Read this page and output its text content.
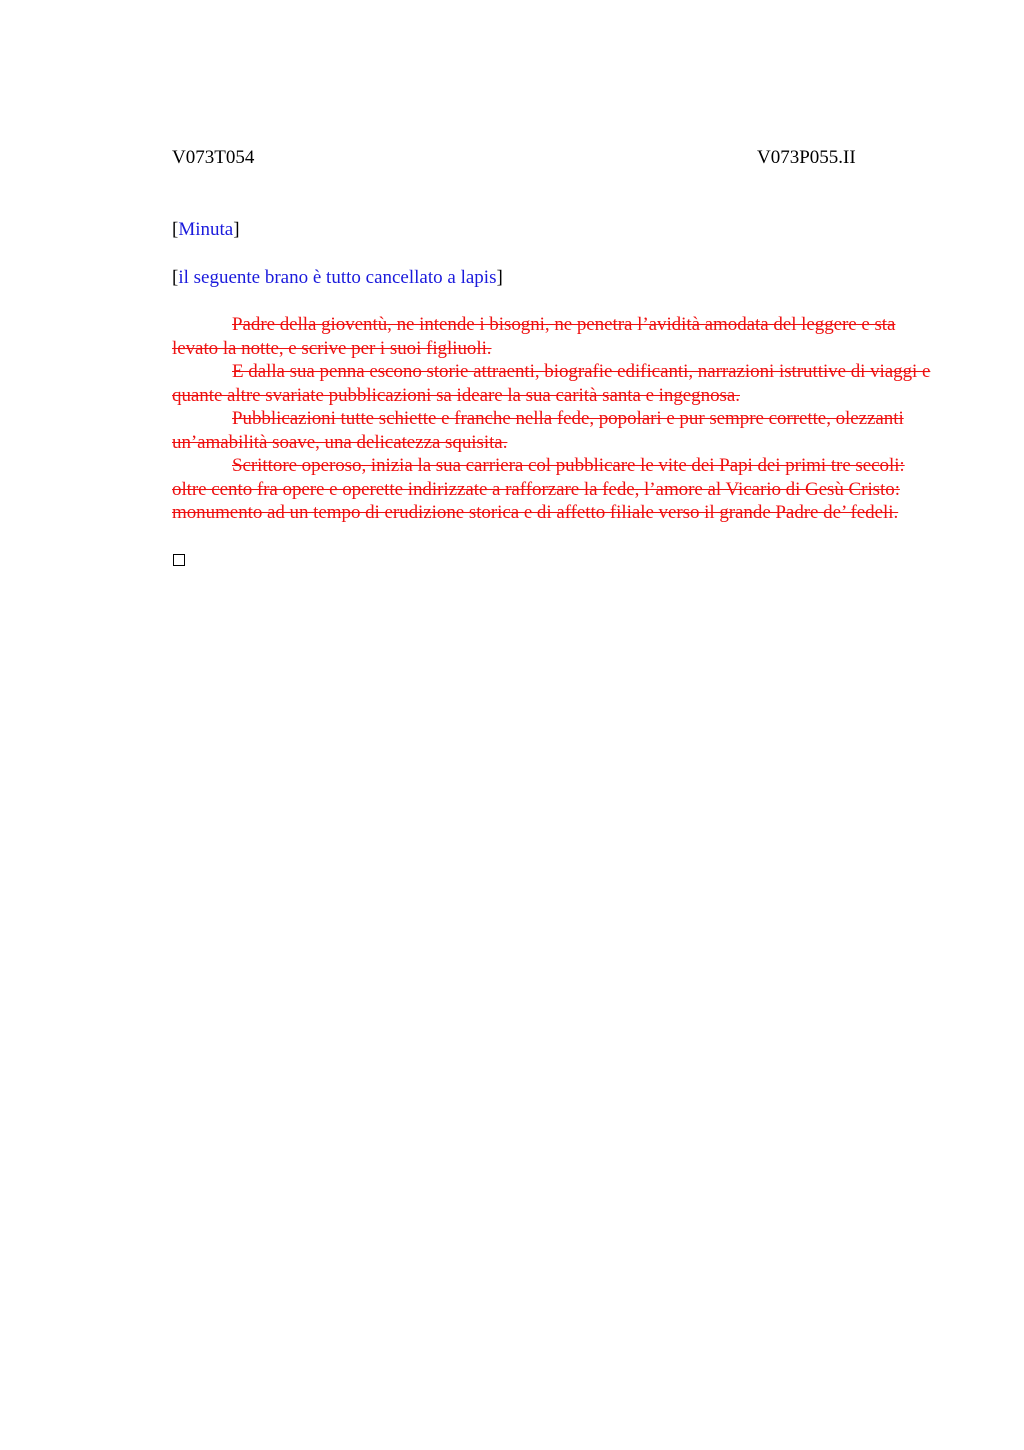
V073T054	V073P055.II
[Minuta]
[il seguente brano è tutto cancellato a lapis]

Padre della gioventù, ne intende i bisogni, ne penetra l’avidità amodata del leggere e sta levato la notte, e scrive per i suoi figliuoli.

E dalla sua penna escono storie attraenti, biografie edificanti, narrazioni istruttive di viaggi e quante altre svariate pubblicazioni sa ideare la sua carità santa e ingegnosa.

Pubblicazioni tutte schiette e franche nella fede, popolari e pur sempre corrette, olezzanti un’amabilità soave, una delicatezza squisita.

Scrittore operoso, inizia la sua carriera col pubblicare le vite dei Papi dei primi tre secoli: oltre cento fra opere e operette indirizzate a rafforzare la fede, l’amore al Vicario di Gesù Cristo: monumento ad un tempo di erudizione storica e di affetto filiale verso il grande Padre de’ fedeli.
